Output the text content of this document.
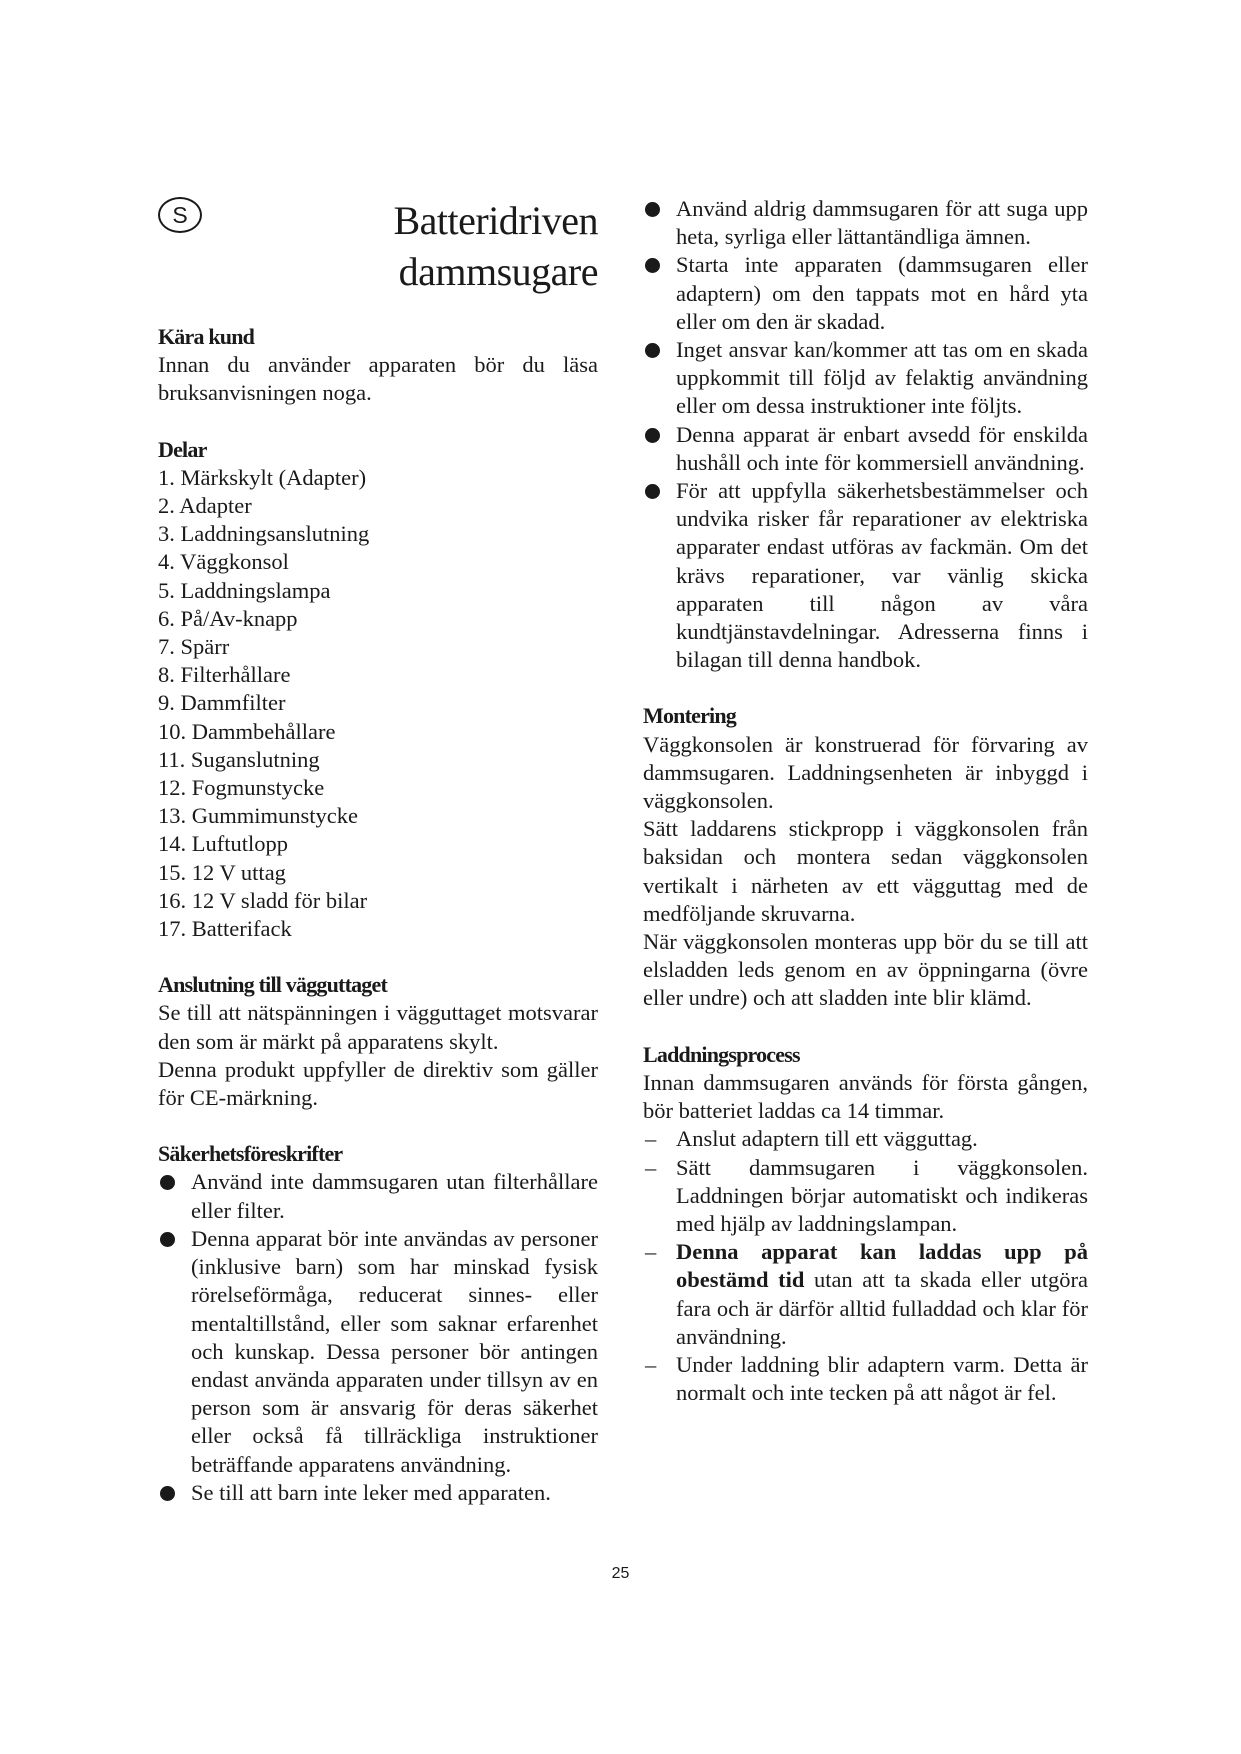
S	Batteridriven
dammsugare
Kära kund

Innan du använder apparaten bör du läsa bruksanvisningen noga.

Delar
1. Märkskylt (Adapter)
2. Adapter
3. Laddningsanslutning
4. Väggkonsol
5. Laddningslampa
6. På/Av-knapp
7. Spärr
8. Filterhållare
9. Dammfilter
10. Dammbehållare
11. Suganslutning
12. Fogmunstycke
13. Gummimunstycke
14. Luftutlopp
15. 12 V uttag
16. 12 V sladd för bilar
17. Batterifack
Anslutning till vägguttaget

Se till att nätspänningen i vägguttaget motsvarar den som är märkt på apparatens skylt.

Denna produkt uppfyller de direktiv som gäller för CE-märkning.

Säkerhetsföreskrifter
Använd inte dammsugaren utan filterhållare eller filter.
Denna apparat bör inte användas av personer (inklusive barn) som har minskad fysisk rörelseförmåga, reducerat sinnes- eller mentaltillstånd, eller som saknar erfarenhet och kunskap. Dessa personer bör antingen endast använda apparaten under tillsyn av en person som är ansvarig för deras säkerhet eller också få tillräckliga instruktioner beträffande apparatens användning.
Se till att barn inte leker med apparaten.
Använd aldrig dammsugaren för att suga upp heta, syrliga eller lättantändliga ämnen.
Starta inte apparaten (dammsugaren eller adaptern) om den tappats mot en hård yta eller om den är skadad.
Inget ansvar kan/kommer att tas om en skada uppkommit till följd av felaktig användning eller om dessa instruktioner inte följts.
Denna apparat är enbart avsedd för enskilda hushåll och inte för kommersiell användning.
För att uppfylla säkerhetsbestämmelser och undvika risker får reparationer av elektriska apparater endast utföras av fackmän. Om det krävs reparationer, var vänlig skicka apparaten till någon av våra kundtjänstavdelningar. Adresserna finns i bilagan till denna handbok.
Montering

Väggkonsolen är konstruerad för förvaring av dammsugaren. Laddningsenheten är inbyggd i väggkonsolen.

Sätt laddarens stickpropp i väggkonsolen från baksidan och montera sedan väggkonsolen vertikalt i närheten av ett vägguttag med de medföljande skruvarna.

När väggkonsolen monteras upp bör du se till att elsladden leds genom en av öppningarna (övre eller undre) och att sladden inte blir klämd.

Laddningsprocess

Innan dammsugaren används för första gången, bör batteriet laddas ca 14 timmar.

– Anslut adaptern till ett vägguttag.
– Sätt dammsugaren i väggkonsolen. Laddningen börjar automatiskt och indikeras med hjälp av laddningslampan.
– Denna apparat kan laddas upp på obestämd tid utan att ta skada eller utgöra fara och är därför alltid fulladdad och klar för användning.
– Under laddning blir adaptern varm. Detta är normalt och inte tecken på att något är fel.
25
